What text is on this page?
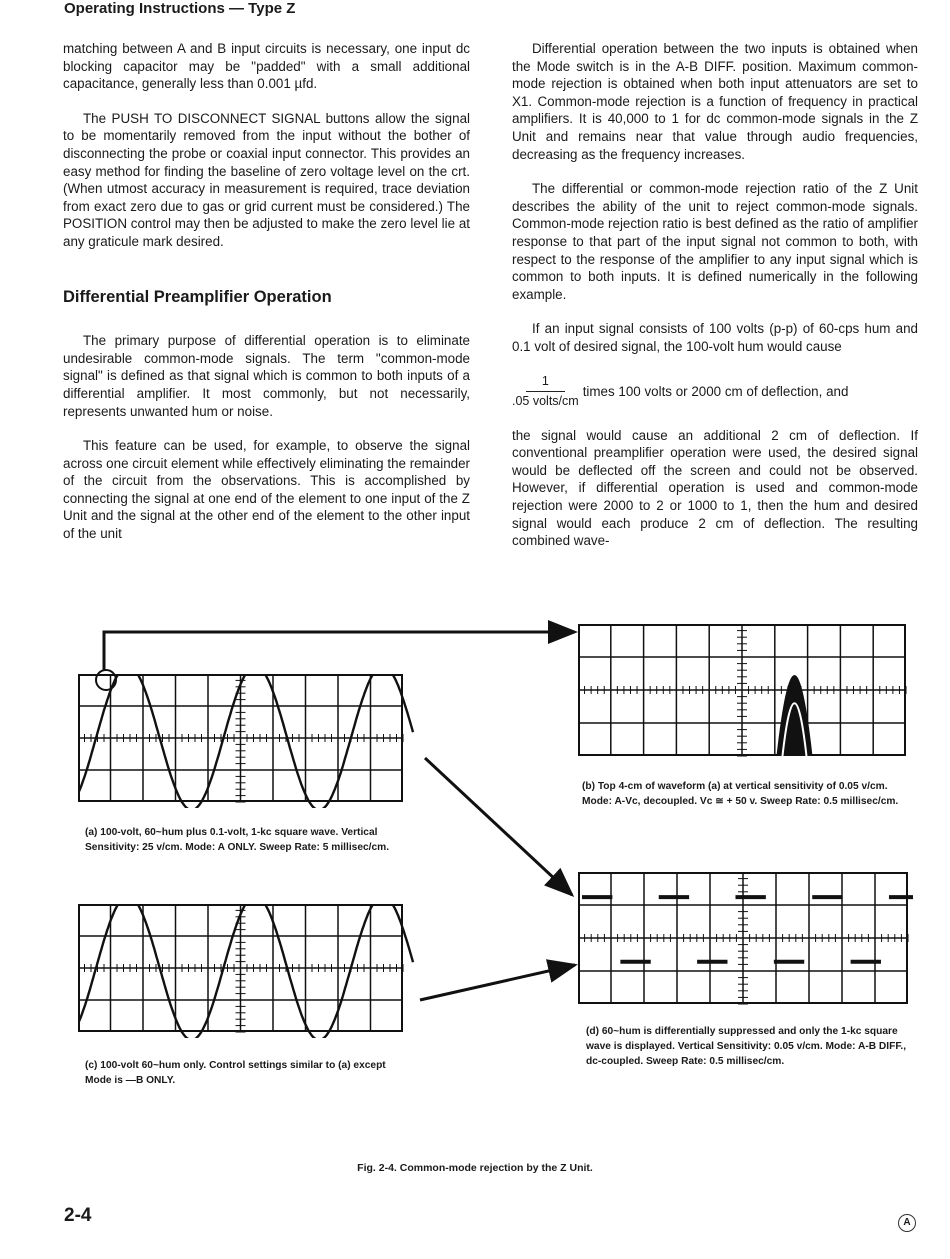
Operating Instructions — Type Z

matching between A and B input circuits is necessary, one input dc blocking capacitor may be "padded" with a small additional capacitance, generally less than 0.001 µfd.

The PUSH TO DISCONNECT SIGNAL buttons allow the signal to be momentarily removed from the input without the bother of disconnecting the probe or coaxial input connector. This provides an easy method for finding the baseline of zero voltage level on the crt. (When utmost accuracy in measurement is required, trace deviation from exact zero due to gas or grid current must be considered.) The POSITION control may then be adjusted to make the zero level lie at any graticule mark desired.

Differential Preamplifier Operation

The primary purpose of differential operation is to eliminate undesirable common-mode signals. The term "common-mode signal" is defined as that signal which is common to both inputs of a differential amplifier. It most commonly, but not necessarily, represents unwanted hum or noise.

This feature can be used, for example, to observe the signal across one circuit element while effectively eliminating the remainder of the circuit from the observations. This is accomplished by connecting the signal at one end of the element to one input of the Z Unit and the signal at the other end of the element to the other input of the unit

Differential operation between the two inputs is obtained when the Mode switch is in the A-B DIFF. position. Maximum common-mode rejection is obtained when both input attenuators are set to X1. Common-mode rejection is a function of frequency in practical amplifiers. It is 40,000 to 1 for dc common-mode signals in the Z Unit and remains near that value through audio frequencies, decreasing as the frequency increases.

The differential or common-mode rejection ratio of the Z Unit describes the ability of the unit to reject common-mode signals. Common-mode rejection ratio is best defined as the ratio of amplifier response to that part of the input signal not common to both, with respect to the response of the amplifier to any input signal which is common to both inputs. It is defined numerically in the following example.

If an input signal consists of 100 volts (p-p) of 60-cps hum and 0.1 volt of desired signal, the 100-volt hum would cause

$\frac{1}{\text{.05 volts/cm}}$ times 100 volts or 2000 cm of deflection, and

the signal would cause an additional 2 cm of deflection. If conventional preamplifier operation were used, the desired signal would be deflected off the screen and could not be observed. However, if differential operation is used and common-mode rejection were 2000 to 2 or 1000 to 1, then the hum and desired signal would each produce 2 cm of deflection. The resulting combined wave-

(a) 100-volt, 60~hum plus 0.1-volt, 1-kc square wave. Vertical Sensitivity: 25 v/cm. Mode: A ONLY. Sweep Rate: 5 millisec/cm.
(b) Top 4-cm of waveform (a) at vertical sensitivity of 0.05 v/cm. Mode: A-Vc, decoupled. Vc ≅ + 50 v. Sweep Rate: 0.5 millisec/cm.
(c) 100-volt 60~hum only. Control settings similar to (a) except Mode is —B ONLY.
(d) 60~hum is differentially suppressed and only the 1-kc square wave is displayed. Vertical Sensitivity: 0.05 v/cm. Mode: A-B DIFF., dc-coupled. Sweep Rate: 0.5 millisec/cm.
Fig. 2-4. Common-mode rejection by the Z Unit.
2-4	A
